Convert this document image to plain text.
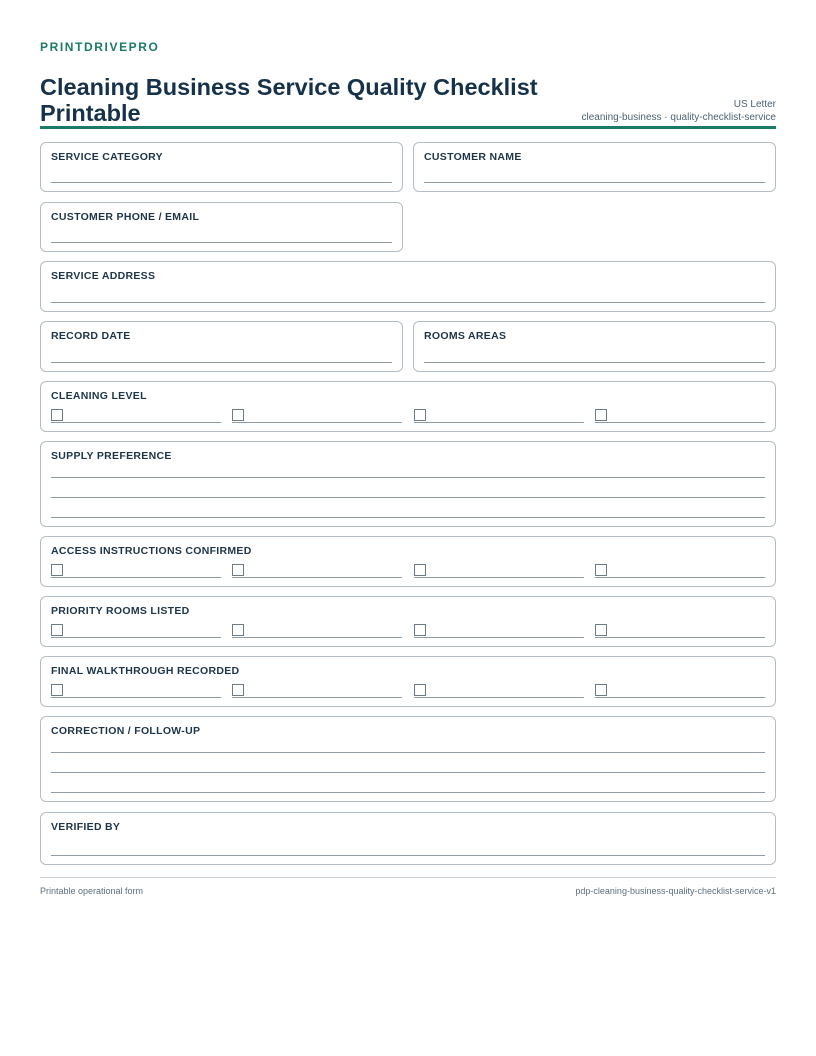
PRINTDRIVEPRO
Cleaning Business Service Quality Checklist Printable	US Letter
cleaning-business · quality-checklist-service
SERVICE CATEGORY	CUSTOMER NAME
CUSTOMER PHONE / EMAIL
SERVICE ADDRESS
RECORD DATE	ROOMS AREAS
CLEANING LEVEL
SUPPLY PREFERENCE
ACCESS INSTRUCTIONS CONFIRMED
PRIORITY ROOMS LISTED
FINAL WALKTHROUGH RECORDED
CORRECTION / FOLLOW-UP
VERIFIED BY
Printable operational form	pdp-cleaning-business-quality-checklist-service-v1
